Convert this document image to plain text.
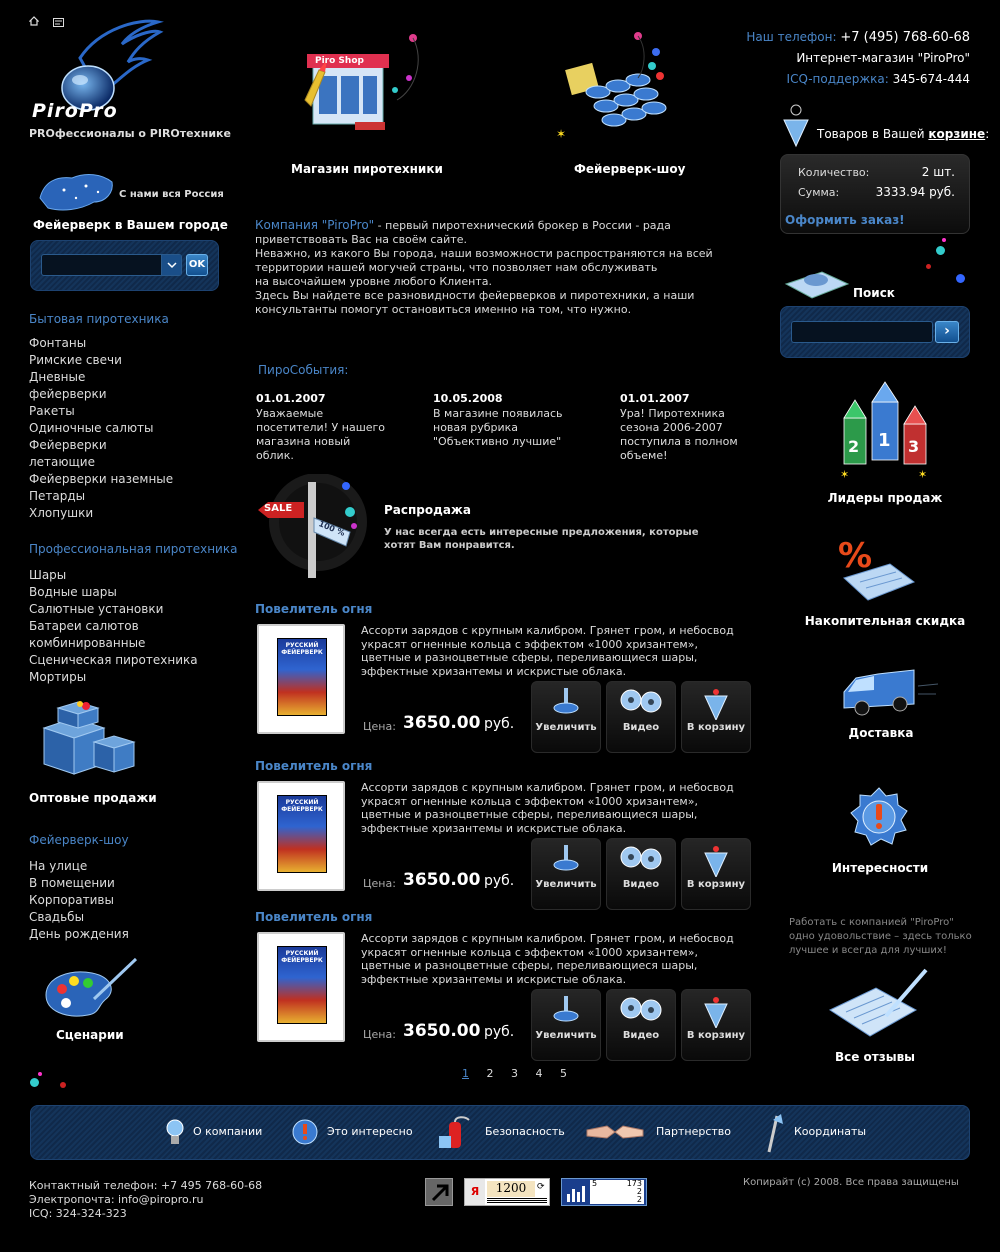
PiroPro
PROфессионалы о PIROтехнике
С нами вся Россия
Фейерверк в Вашем городе
OK
Бытовая пиротехника
Фонтаны
Римские свечи
Дневные
фейерверки
Ракеты
Одиночные салюты
Фейерверки
летающие
Фейерверки наземные
Петарды
Хлопушки
Профессиональная пиротехника
Шары
Водные шары
Салютные установки
Батареи салютов
комбинированные
Сценическая пиротехника
Мортиры
Оптовые продажи
Фейерверк-шоу
На улице
В помещении
Корпоративы
Свадьбы
День рождения
Сценарии
Piro Shop
Магазин пиротехники
✶
Фейерверк-шоу
Компания "PiroPro" - первый пиротехнический брокер в России - рада приветствовать Вас на своём сайте.
Неважно, из какого Вы города, наши возможности распространяются на всей территории нашей могучей страны, что позволяет нам обслуживать
на высочайшем уровне любого Клиента.
Здесь Вы найдете все разновидности фейерверков и пиротехники, а наши консультанты помогут остановиться именно на том, что нужно.
ПироСобытия:
01.01.2007
Уважаемые посетители! У нашего магазина новый облик.
10.05.2008
В магазине появилась новая рубрика "Объективно лучшие"
01.01.2007
Ура! Пиротехника сезона 2006-2007 поступила в полном объеме!
SALE
100 %
Распродажа
У нас всегда есть интересные предложения, которые хотят Вам понравится.
Повелитель огня
РУССКИЙ ФЕЙЕРВЕРК
Ассорти зарядов с крупным калибром. Грянет гром, и небосвод украсят огненные кольца с эффектом «1000 хризантем», цветные и разноцветные сферы, переливающиеся шары, эффектные хризантемы и искристые облака.
Цена: 3650.00 руб.	Увеличить	Видео	В корзину
Повелитель огня
РУССКИЙ ФЕЙЕРВЕРК
Ассорти зарядов с крупным калибром. Грянет гром, и небосвод украсят огненные кольца с эффектом «1000 хризантем», цветные и разноцветные сферы, переливающиеся шары, эффектные хризантемы и искристые облака.
Цена: 3650.00 руб.	Увеличить	Видео	В корзину
Повелитель огня
РУССКИЙ ФЕЙЕРВЕРК
Ассорти зарядов с крупным калибром. Грянет гром, и небосвод украсят огненные кольца с эффектом «1000 хризантем», цветные и разноцветные сферы, переливающиеся шары, эффектные хризантемы и искристые облака.
Цена: 3650.00 руб.	Увеличить	Видео	В корзину
1 2 3 4 5
Наш телефон: +7 (495) 768-60-68
Интернет-магазин "PiroPro"
ICQ-поддержка: 345-674-444
Товаров в Вашей корзине:
Количество:	2 шт.
Сумма:	3333.94 руб.
Оформить заказ!
Поиск
›
2 1 3
✶	✶
Лидеры продаж
%
Накопительная скидка
Доставка
Интересности
Работать с компанией "PiroPro" одно удовольствие – здесь только лучшее и всегда для лучших!
Все отзывы
О компании	Это интересно	Безопасность	Партнерство	Координаты
Контактный телефон: +7 495 768-60-68
Электропочта: info@piropro.ru
ICQ: 324-324-323
Я	1200	⟳	5	173
2
2
Копирайт (c) 2008. Все права защищены
